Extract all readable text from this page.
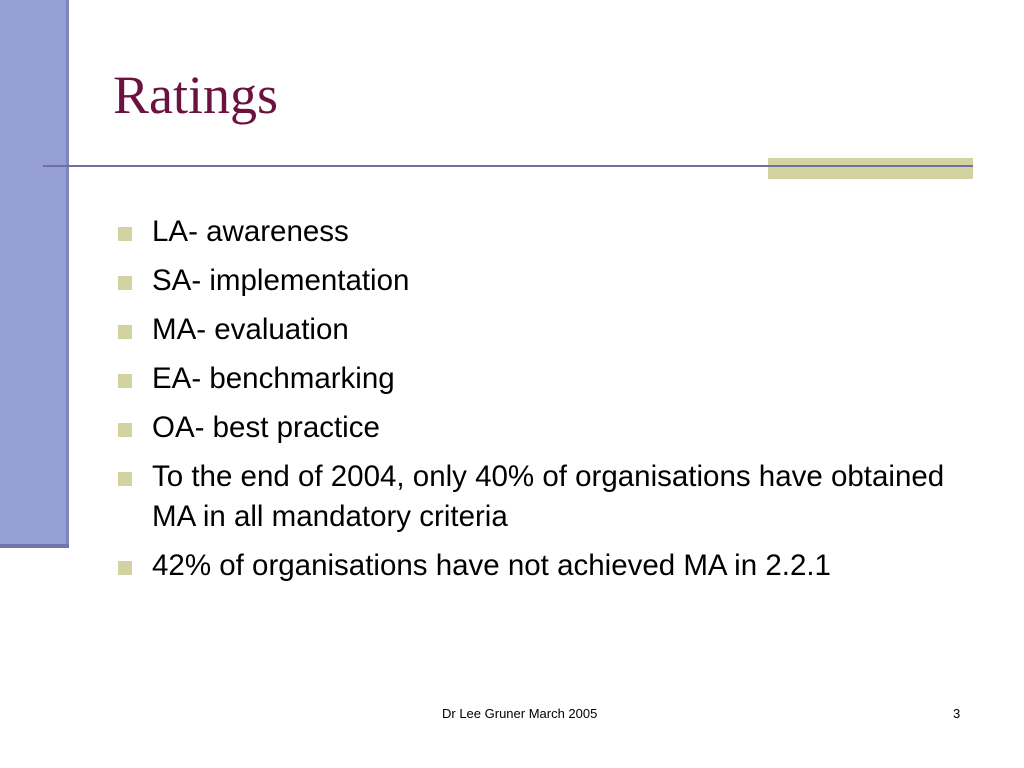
Ratings
LA- awareness
SA- implementation
MA- evaluation
EA- benchmarking
OA- best practice
To the end of 2004, only 40% of organisations have obtained MA in all mandatory criteria
42% of organisations have not achieved MA in 2.2.1
Dr Lee Gruner March 2005	3
